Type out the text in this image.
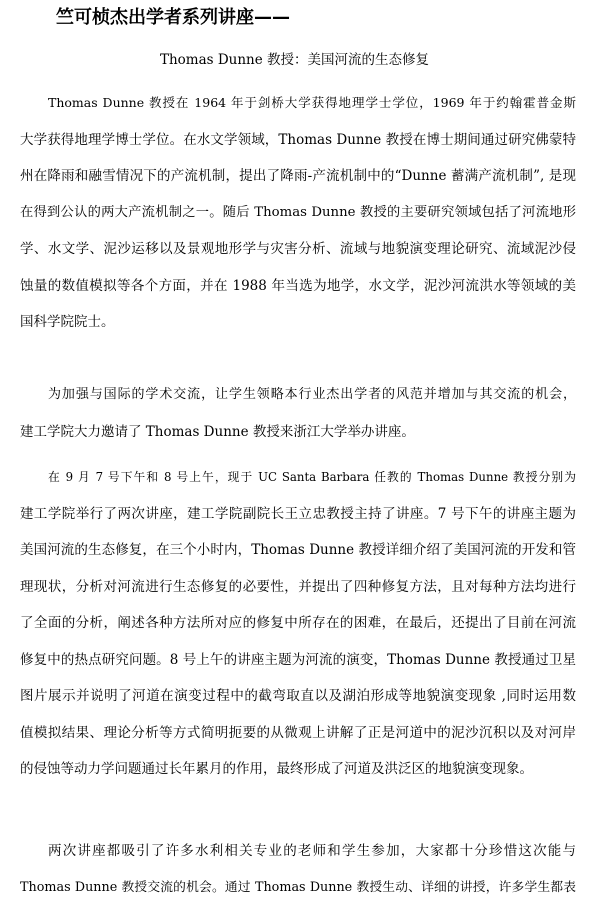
竺可桢杰出学者系列讲座——
Thomas Dunne 教授：美国河流的生态修复
Thomas Dunne 教授在 1964 年于剑桥大学获得地理学士学位，1969 年于约翰霍普金斯
大学获得地理学博士学位。在水文学领域，Thomas Dunne 教授在博士期间通过研究佛蒙特
州在降雨和融雪情况下的产流机制，提出了降雨-产流机制中的“Dunne 蓄满产流机制”, 是现
在得到公认的两大产流机制之一。随后 Thomas Dunne 教授的主要研究领域包括了河流地形
学、水文学、泥沙运移以及景观地形学与灾害分析、流域与地貌演变理论研究、流域泥沙侵
蚀量的数值模拟等各个方面，并在 1988 年当选为地学，水文学，泥沙河流洪水等领域的美
国科学院院士。
为加强与国际的学术交流，让学生领略本行业杰出学者的风范并增加与其交流的机会，
建工学院大力邀请了 Thomas Dunne 教授来浙江大学举办讲座。
在 9 月 7 号下午和 8 号上午，现于 UC Santa Barbara 任教的 Thomas Dunne 教授分别为
建工学院举行了两次讲座，建工学院副院长王立忠教授主持了讲座。7 号下午的讲座主题为
美国河流的生态修复，在三个小时内，Thomas Dunne 教授详细介绍了美国河流的开发和管
理现状，分析对河流进行生态修复的必要性，并提出了四种修复方法，且对每种方法均进行
了全面的分析，阐述各种方法所对应的修复中所存在的困难，在最后，还提出了目前在河流
修复中的热点研究问题。8 号上午的讲座主题为河流的演变，Thomas Dunne 教授通过卫星
图片展示并说明了河道在演变过程中的截弯取直以及湖泊形成等地貌演变现象 ,同时运用数
值模拟结果、理论分析等方式简明扼要的从微观上讲解了正是河道中的泥沙沉积以及对河岸
的侵蚀等动力学问题通过长年累月的作用，最终形成了河道及洪泛区的地貌演变现象。
两次讲座都吸引了许多水利相关专业的老师和学生参加，大家都十分珍惜这次能与
Thomas Dunne 教授交流的机会。通过 Thomas Dunne 教授生动、详细的讲授，许多学生都表
